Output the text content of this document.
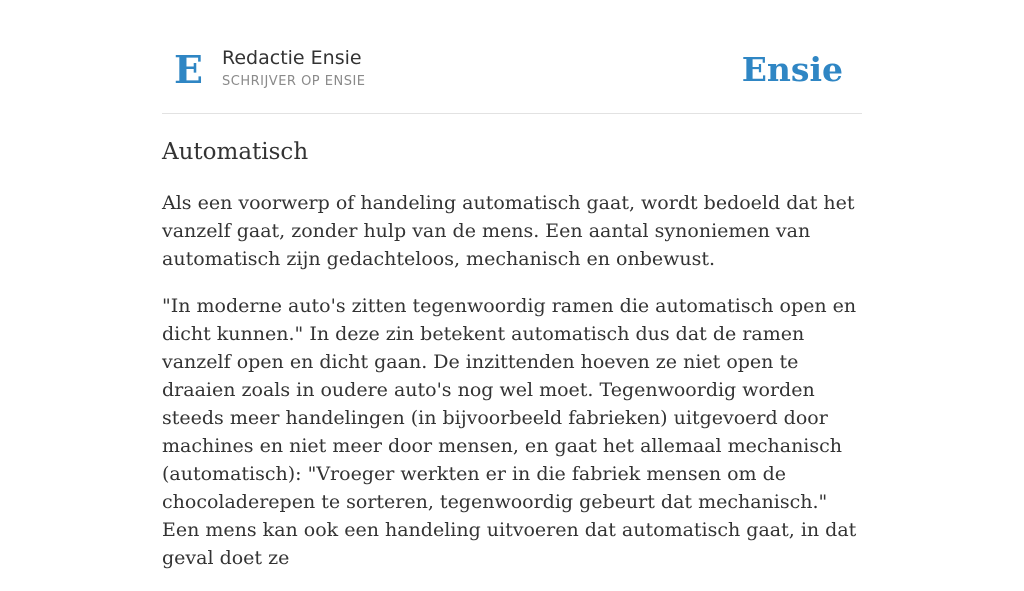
E Redactie Ensie
SCHRIJVER OP ENSIE	Ensie
Automatisch

Als een voorwerp of handeling automatisch gaat, wordt bedoeld dat het vanzelf gaat, zonder hulp van de mens. Een aantal synoniemen van automatisch zijn gedachteloos, mechanisch en onbewust.

"In moderne auto's zitten tegenwoordig ramen die automatisch open en dicht kunnen." In deze zin betekent automatisch dus dat de ramen vanzelf open en dicht gaan. De inzittenden hoeven ze niet open te draaien zoals in oudere auto's nog wel moet. Tegenwoordig worden steeds meer handelingen (in bijvoorbeeld fabrieken) uitgevoerd door machines en niet meer door mensen, en gaat het allemaal mechanisch (automatisch): "Vroeger werkten er in die fabriek mensen om de chocoladerepen te sorteren, tegenwoordig gebeurt dat mechanisch." Een mens kan ook een handeling uitvoeren dat automatisch gaat, in dat geval doet ze
